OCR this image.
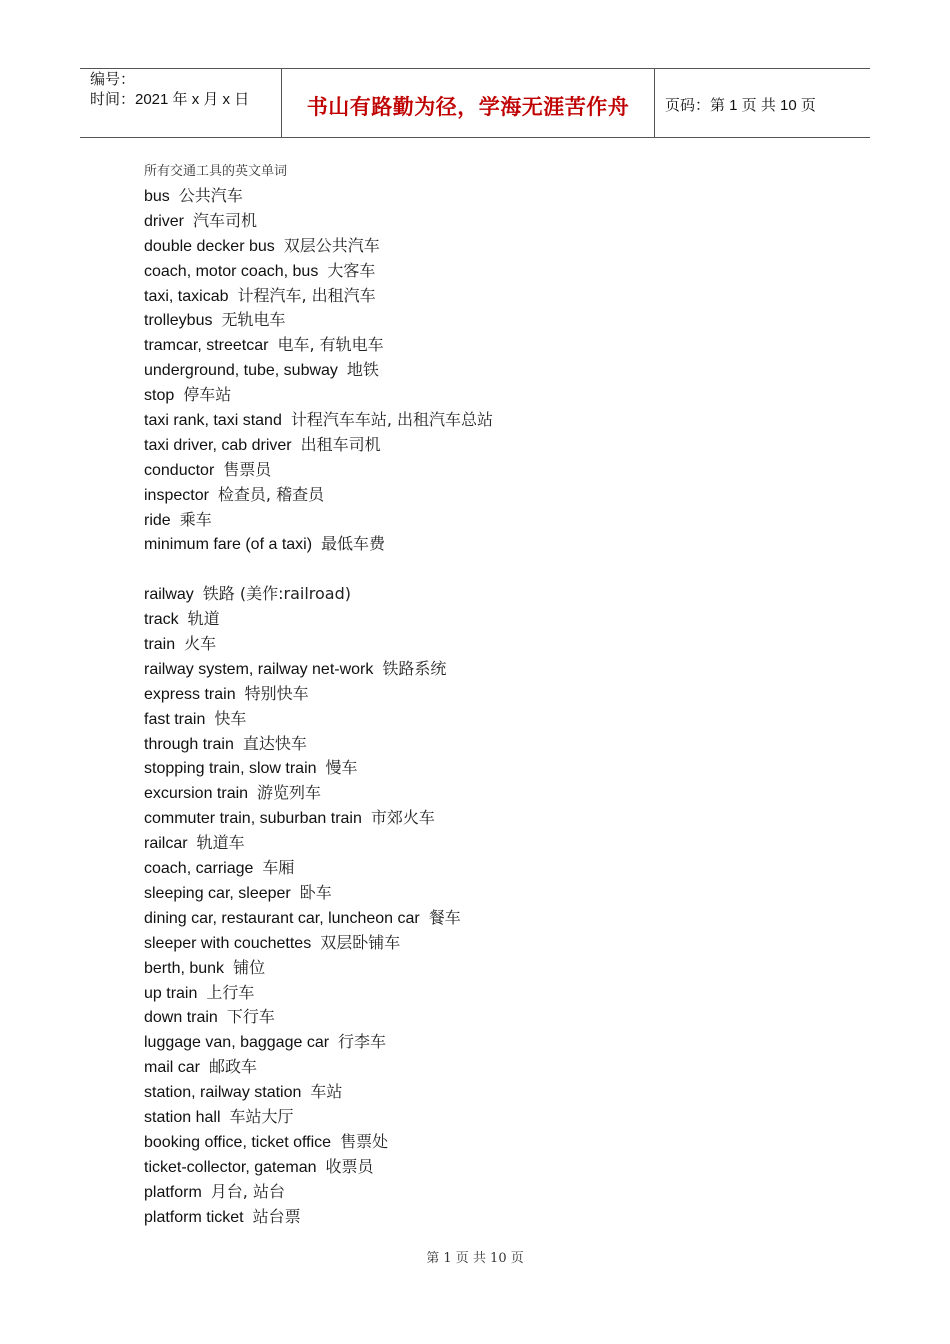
编号：
时间：2021 年 x 月 x 日	书山有路勤为径，学海无涯苦作舟	页码：第 1 页 共 10 页
所有交通工具的英文单词
bus 公共汽车
driver 汽车司机
double decker bus 双层公共汽车
coach, motor coach, bus 大客车
taxi, taxicab 计程汽车, 出租汽车
trolleybus 无轨电车
tramcar, streetcar 电车, 有轨电车
underground, tube, subway 地铁
stop 停车站
taxi rank, taxi stand 计程汽车车站, 出租汽车总站
taxi driver, cab driver 出租车司机
conductor 售票员
inspector 检查员, 稽查员
ride 乘车
minimum fare (of a taxi) 最低车费
railway 铁路 (美作:railroad)
track 轨道
train 火车
railway system, railway net-work 铁路系统
express train 特别快车
fast train 快车
through train 直达快车
stopping train, slow train 慢车
excursion train 游览列车
commuter train, suburban train 市郊火车
railcar 轨道车
coach, carriage 车厢
sleeping car, sleeper 卧车
dining car, restaurant car, luncheon car 餐车
sleeper with couchettes 双层卧铺车
berth, bunk 铺位
up train 上行车
down train 下行车
luggage van, baggage car 行李车
mail car 邮政车
station, railway station 车站
station hall 车站大厅
booking office, ticket office 售票处
ticket-collector, gateman 收票员
platform 月台, 站台
platform ticket 站台票
第 1 页 共 10 页
